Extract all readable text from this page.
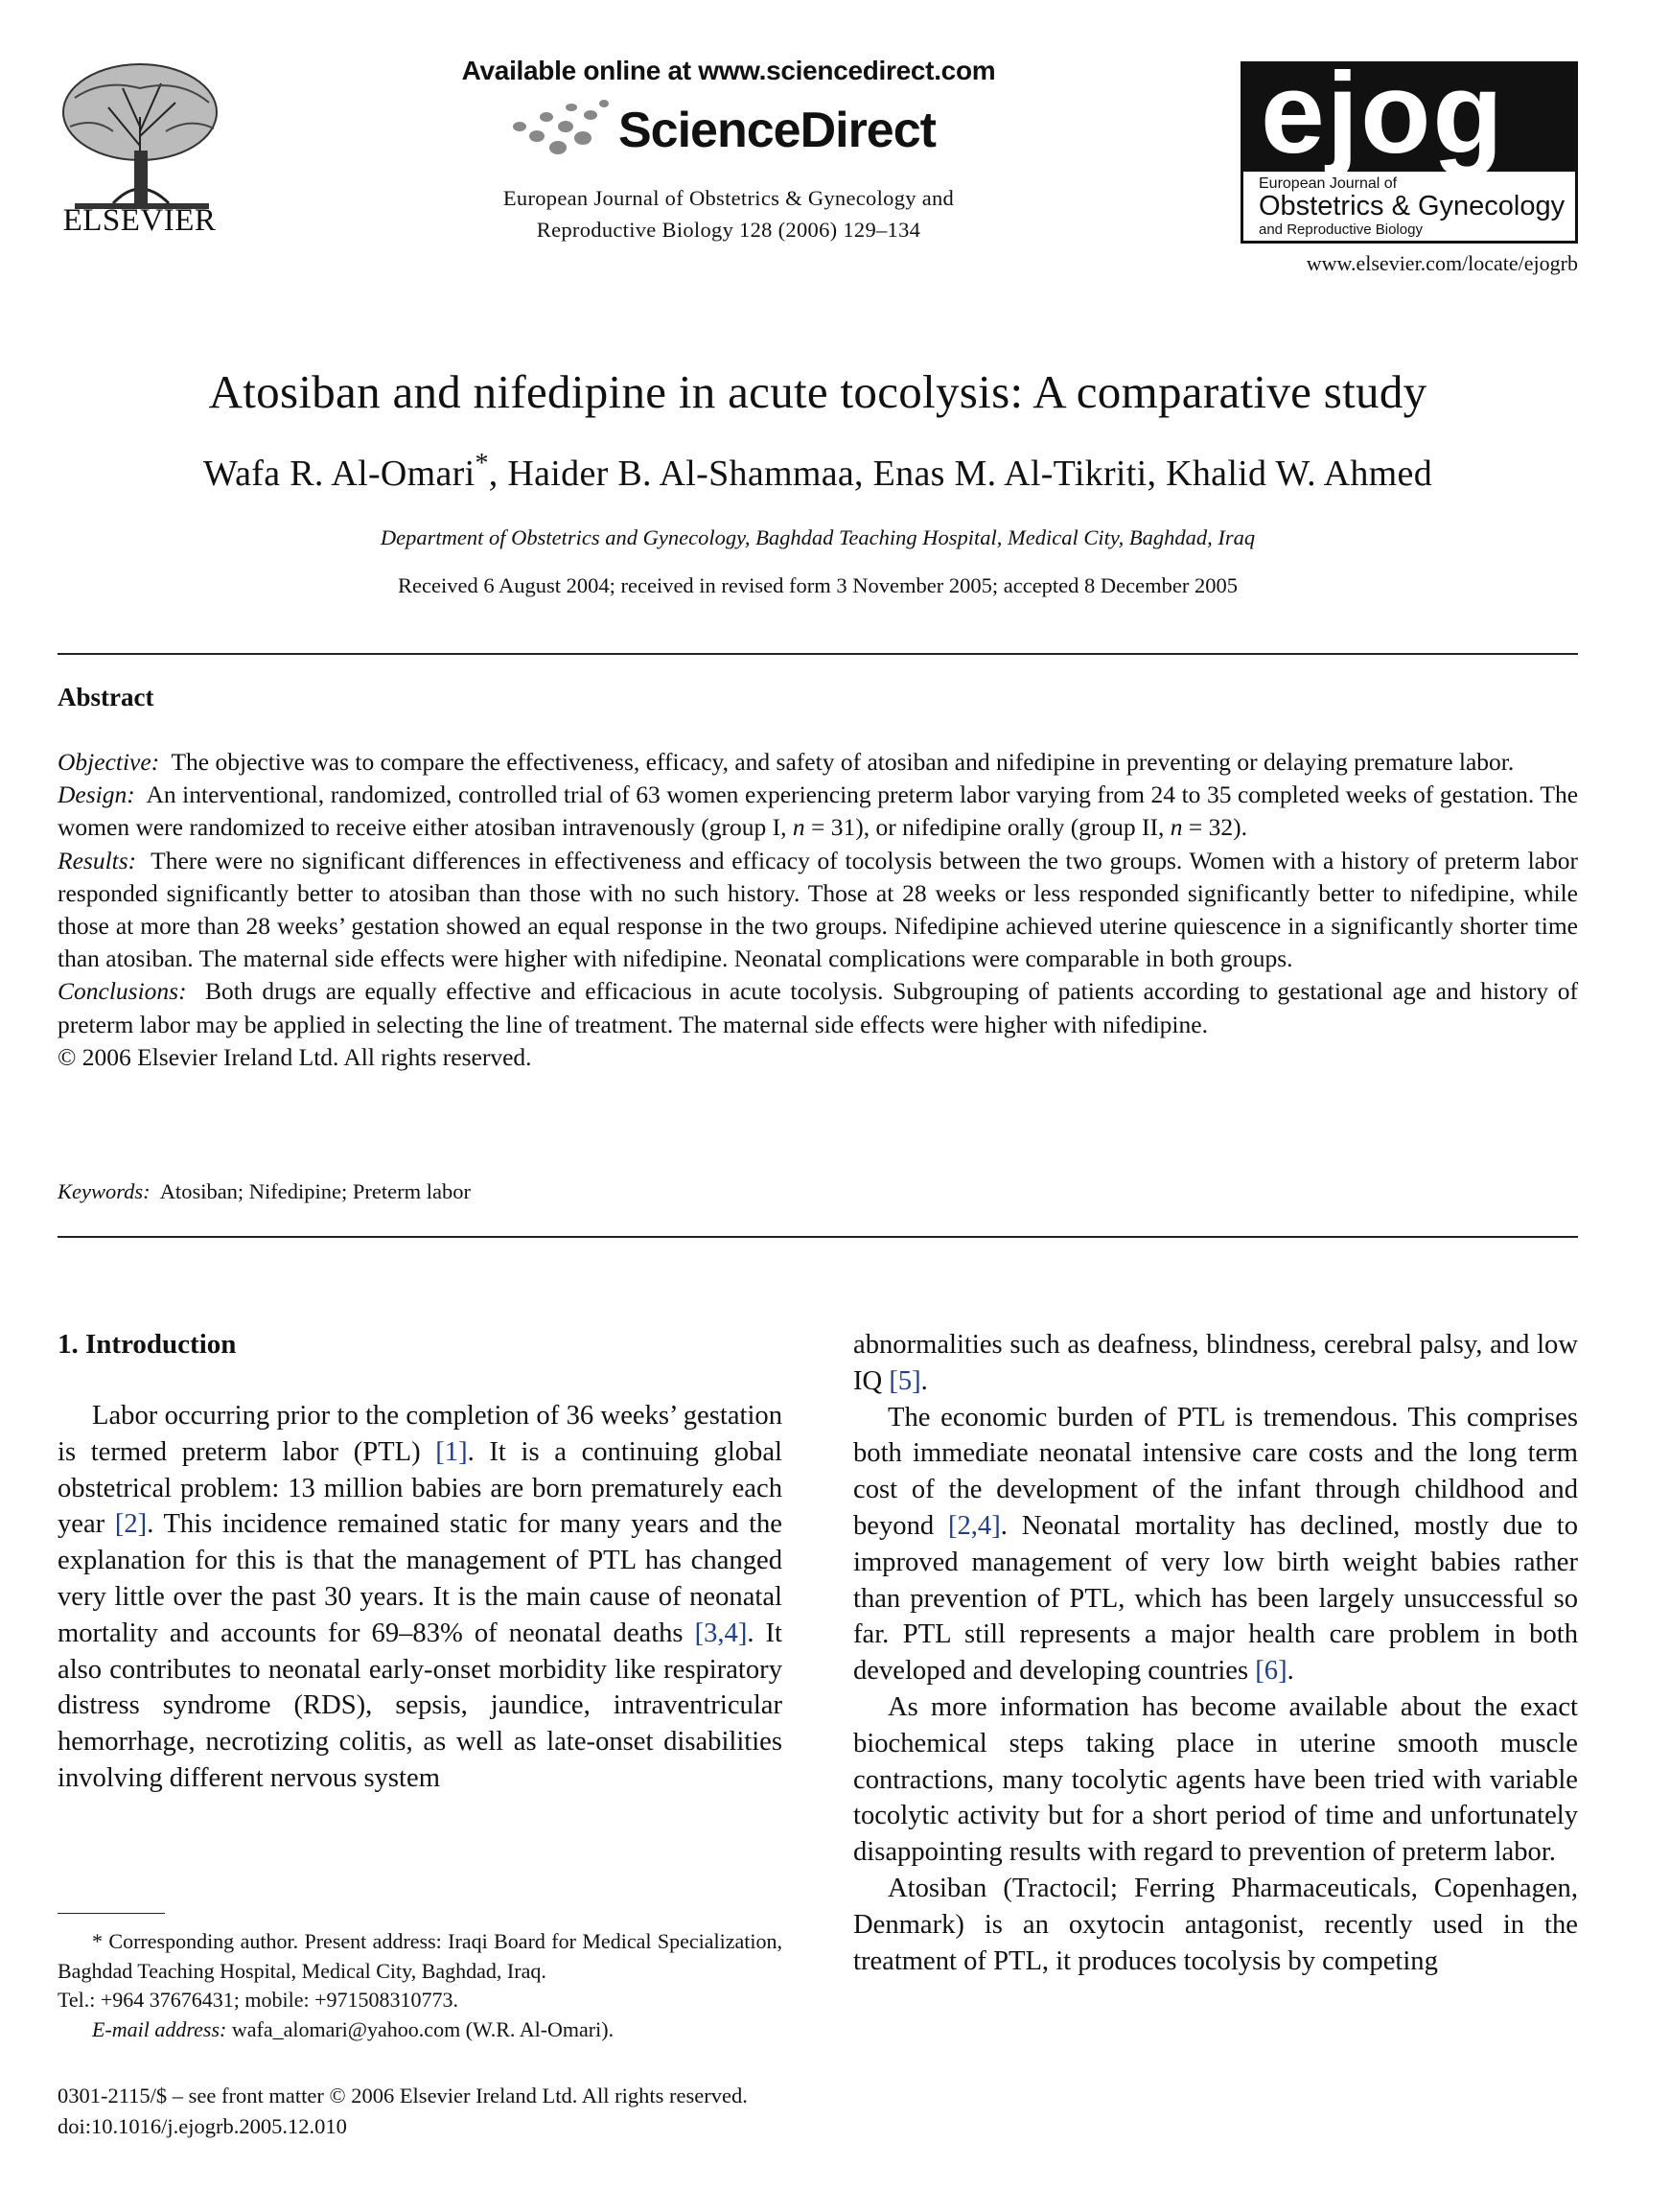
ELSEVIER
Available online at www.sciencedirect.com
ScienceDirect
European Journal of Obstetrics & Gynecology and
Reproductive Biology 128 (2006) 129–134
ejog
European Journal of
Obstetrics & Gynecology
and Reproductive Biology
www.elsevier.com/locate/ejogrb
Atosiban and nifedipine in acute tocolysis: A comparative study
Wafa R. Al-Omari*, Haider B. Al-Shammaa, Enas M. Al-Tikriti, Khalid W. Ahmed
Department of Obstetrics and Gynecology, Baghdad Teaching Hospital, Medical City, Baghdad, Iraq
Received 6 August 2004; received in revised form 3 November 2005; accepted 8 December 2005
Abstract

Objective: The objective was to compare the effectiveness, efficacy, and safety of atosiban and nifedipine in preventing or delaying premature labor.

Design: An interventional, randomized, controlled trial of 63 women experiencing preterm labor varying from 24 to 35 completed weeks of gestation. The women were randomized to receive either atosiban intravenously (group I, n = 31), or nifedipine orally (group II, n = 32).

Results: There were no significant differences in effectiveness and efficacy of tocolysis between the two groups. Women with a history of preterm labor responded significantly better to atosiban than those with no such history. Those at 28 weeks or less responded significantly better to nifedipine, while those at more than 28 weeks’ gestation showed an equal response in the two groups. Nifedipine achieved uterine quiescence in a significantly shorter time than atosiban. The maternal side effects were higher with nifedipine. Neonatal complications were comparable in both groups.

Conclusions: Both drugs are equally effective and efficacious in acute tocolysis. Subgrouping of patients according to gestational age and history of preterm labor may be applied in selecting the line of treatment. The maternal side effects were higher with nifedipine.

© 2006 Elsevier Ireland Ltd. All rights reserved.

Keywords: Atosiban; Nifedipine; Preterm labor
1. Introduction

Labor occurring prior to the completion of 36 weeks’ gestation is termed preterm labor (PTL) [1]. It is a continuing global obstetrical problem: 13 million babies are born prematurely each year [2]. This incidence remained static for many years and the explanation for this is that the management of PTL has changed very little over the past 30 years. It is the main cause of neonatal mortality and accounts for 69–83% of neonatal deaths [3,4]. It also contributes to neonatal early-onset morbidity like respiratory distress syndrome (RDS), sepsis, jaundice, intraventricular hemorrhage, necrotizing colitis, as well as late-onset disabilities involving different nervous system

abnormalities such as deafness, blindness, cerebral palsy, and low IQ [5].

The economic burden of PTL is tremendous. This comprises both immediate neonatal intensive care costs and the long term cost of the development of the infant through childhood and beyond [2,4]. Neonatal mortality has declined, mostly due to improved management of very low birth weight babies rather than prevention of PTL, which has been largely unsuccessful so far. PTL still represents a major health care problem in both developed and developing countries [6].

As more information has become available about the exact biochemical steps taking place in uterine smooth muscle contractions, many tocolytic agents have been tried with variable tocolytic activity but for a short period of time and unfortunately disappointing results with regard to prevention of preterm labor.

Atosiban (Tractocil; Ferring Pharmaceuticals, Copenhagen, Denmark) is an oxytocin antagonist, recently used in the treatment of PTL, it produces tocolysis by competing

* Corresponding author. Present address: Iraqi Board for Medical Specialization, Baghdad Teaching Hospital, Medical City, Baghdad, Iraq.

Tel.: +964 37676431; mobile: +971508310773.

E-mail address: wafa_alomari@yahoo.com (W.R. Al-Omari).

0301-2115/$ – see front matter © 2006 Elsevier Ireland Ltd. All rights reserved.
doi:10.1016/j.ejogrb.2005.12.010
